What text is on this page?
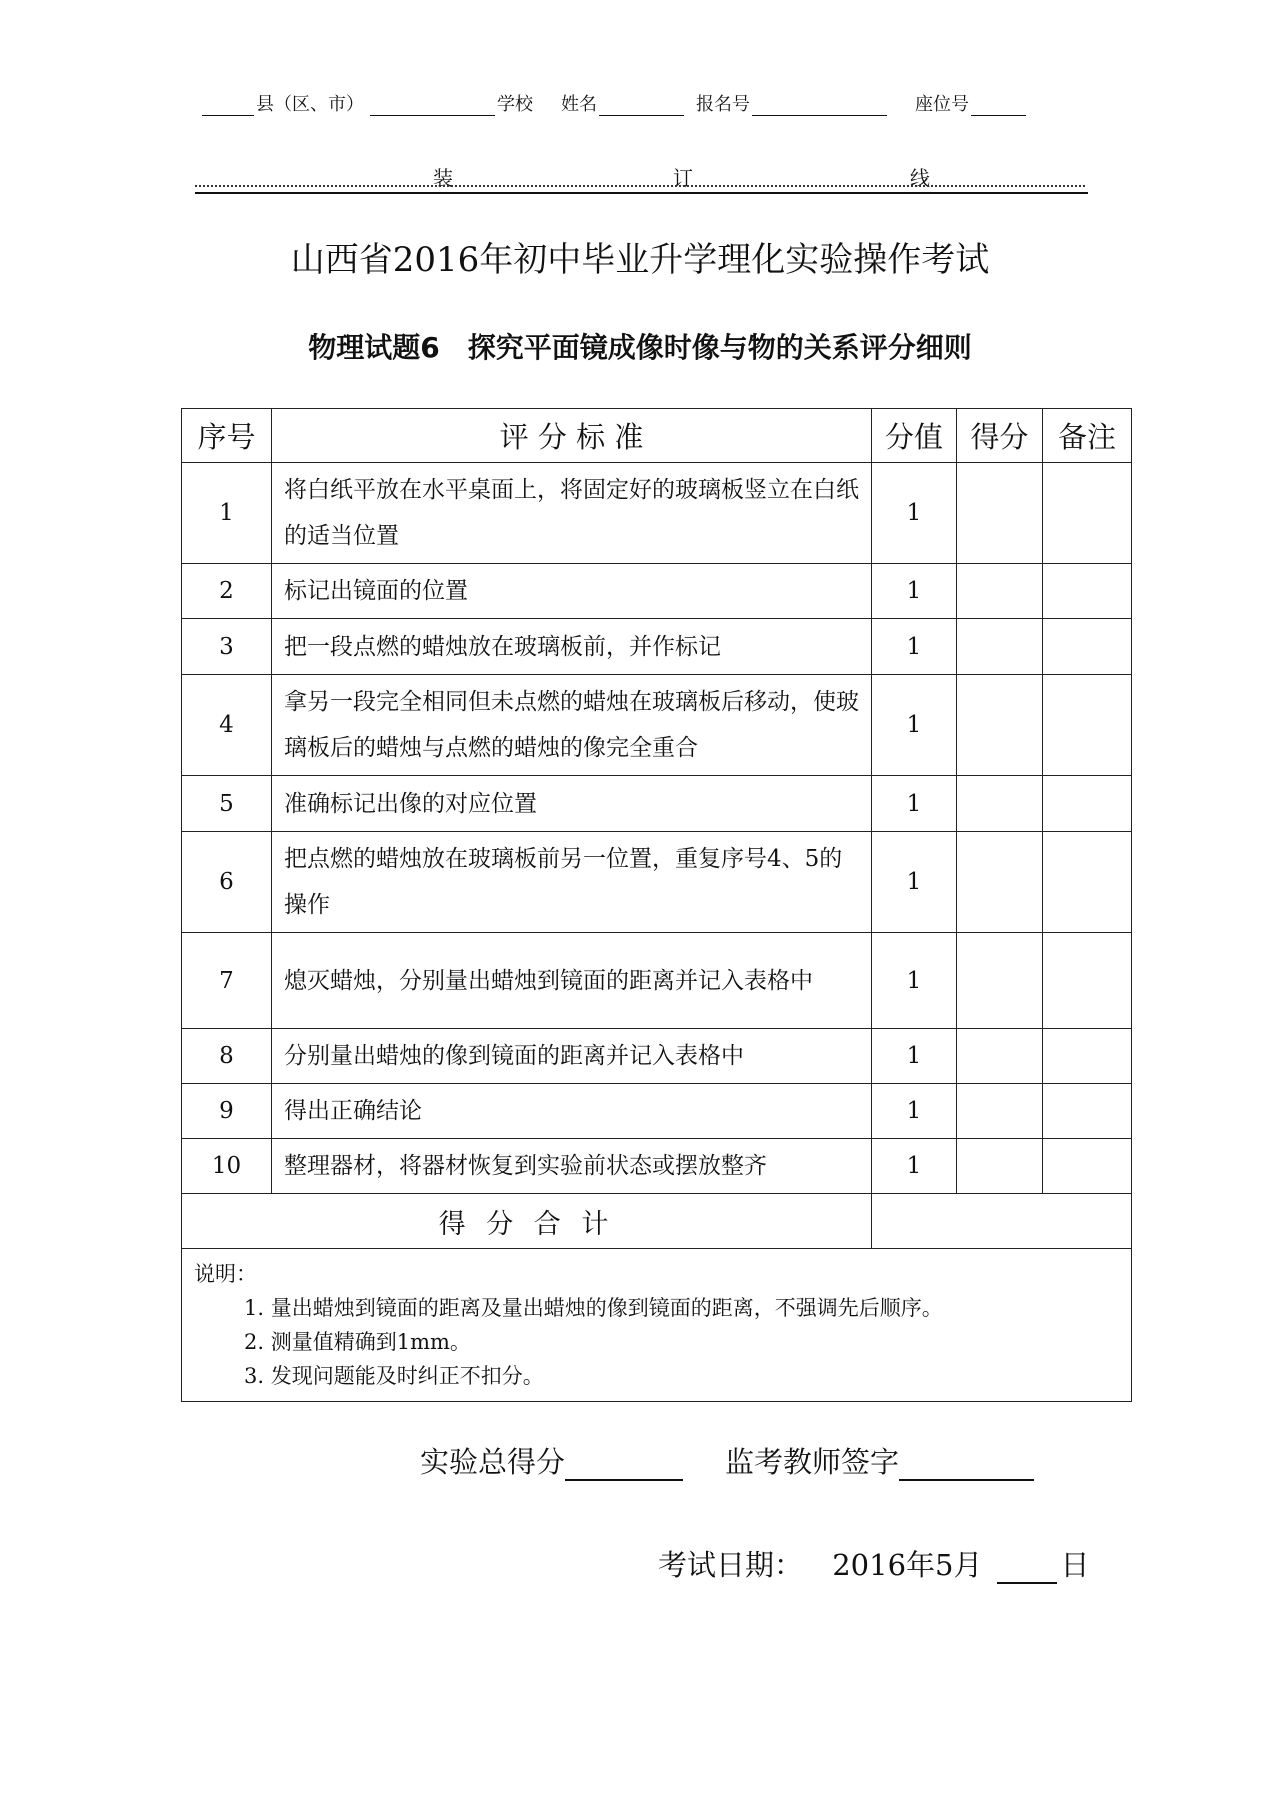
县（区、市）	学校 姓名	报名号	座位号
装	订	线
山西省2016年初中毕业升学理化实验操作考试
物理试题6　探究平面镜成像时像与物的关系评分细则
序号	评 分 标 准	分值	得分	备注
1	将白纸平放在水平桌面上，将固定好的玻璃板竖立在白纸的适当位置	1		
2	标记出镜面的位置	1		
3	把一段点燃的蜡烛放在玻璃板前，并作标记	1		
4	拿另一段完全相同但未点燃的蜡烛在玻璃板后移动，使玻璃板后的蜡烛与点燃的蜡烛的像完全重合	1		
5	准确标记出像的对应位置	1		
6	把点燃的蜡烛放在玻璃板前另一位置，重复序号4、5的操作	1		
7	熄灭蜡烛，分别量出蜡烛到镜面的距离并记入表格中	1		
8	分别量出蜡烛的像到镜面的距离并记入表格中	1		
9	得出正确结论	1		
10	整理器材，将器材恢复到实验前状态或摆放整齐	1		
得 分 合 计				

说明：
1. 量出蜡烛到镜面的距离及量出蜡烛的像到镜面的距离，不强调先后顺序。
2. 测量值精确到1mm。
3. 发现问题能及时纠正不扣分。				
实验总得分	监考教师签字
考试日期： 2016年5月	日
